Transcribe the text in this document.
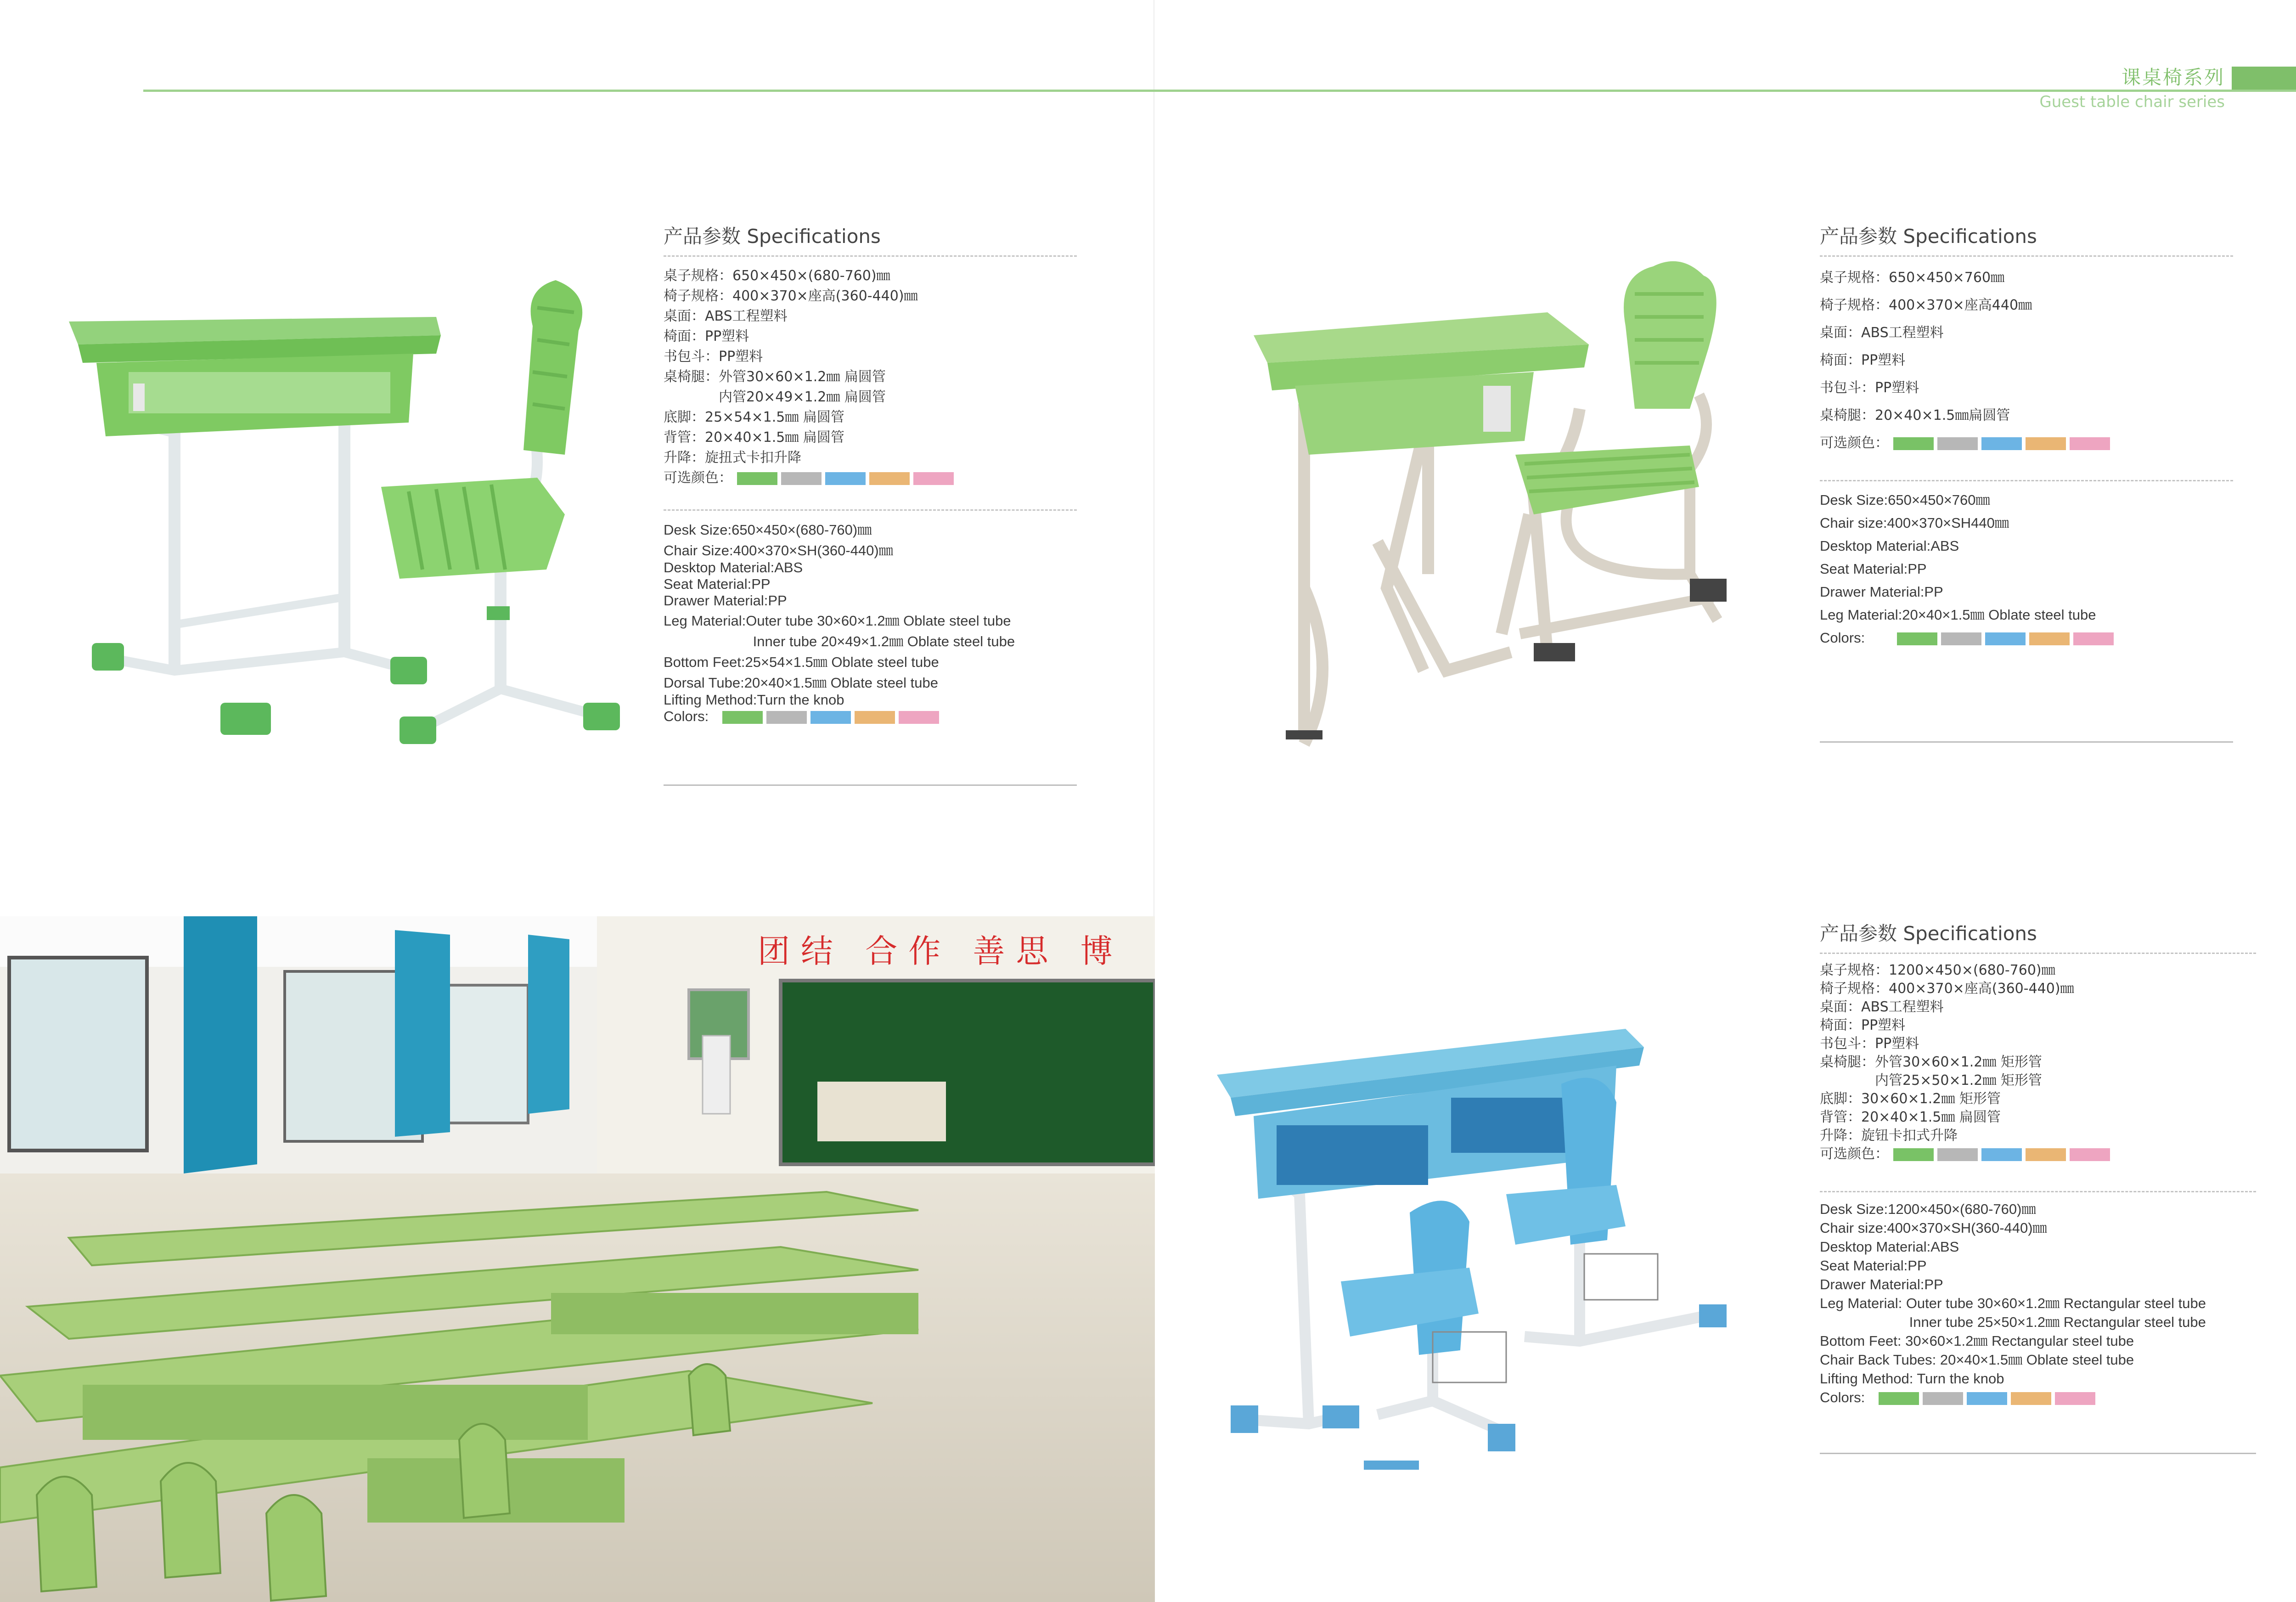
课桌椅系列
Guest table chair series
产品参数 Specifications
桌子规格：650×450×(680-760)㎜
椅子规格：400×370×座高(360-440)㎜
桌面：ABS工程塑料
椅面：PP塑料
书包斗：PP塑料
桌椅腿：外管30×60×1.2㎜ 扁圆管
　　　　内管20×49×1.2㎜ 扁圆管
底脚：25×54×1.5㎜ 扁圆管
背管：20×40×1.5㎜ 扁圆管
升降：旋扭式卡扣升降
可选颜色：
Desk Size:650×450×(680-760)㎜
Chair Size:400×370×SH(360-440)㎜
Desktop Material:ABS
Seat Material:PP
Drawer Material:PP
Leg Material:Outer tube 30×60×1.2㎜ Oblate steel tube
　　　　　　 Inner tube 20×49×1.2㎜ Oblate steel tube
Bottom Feet:25×54×1.5㎜ Oblate steel tube
Dorsal Tube:20×40×1.5㎜ Oblate steel tube
Lifting Method:Turn the knob
Colors:
产品参数 Specifications
桌子规格：650×450×760㎜
椅子规格：400×370×座高440㎜
桌面：ABS工程塑料
椅面：PP塑料
书包斗：PP塑料
桌椅腿：20×40×1.5㎜扁圆管
可选颜色：
Desk Size:650×450×760㎜
Chair size:400×370×SH440㎜
Desktop Material:ABS
Seat Material:PP
Drawer Material:PP
Leg Material:20×40×1.5㎜ Oblate steel tube
Colors:
团结 合作 善思 博	产品参数 Specifications
桌子规格：1200×450×(680-760)㎜
椅子规格：400×370×座高(360-440)㎜
桌面：ABS工程塑料
椅面：PP塑料
书包斗：PP塑料
桌椅腿：外管30×60×1.2㎜ 矩形管
　　　　内管25×50×1.2㎜ 矩形管
底脚：30×60×1.2㎜ 矩形管
背管：20×40×1.5㎜ 扁圆管
升降：旋钮卡扣式升降
可选颜色：
Desk Size:1200×450×(680-760)㎜
Chair size:400×370×SH(360-440)㎜
Desktop Material:ABS
Seat Material:PP
Drawer Material:PP
Leg Material: Outer tube 30×60×1.2㎜ Rectangular steel tube
　　　　　　 Inner tube 25×50×1.2㎜ Rectangular steel tube
Bottom Feet: 30×60×1.2㎜ Rectangular steel tube
Chair Back Tubes: 20×40×1.5㎜ Oblate steel tube
Lifting Method: Turn the knob
Colors:
